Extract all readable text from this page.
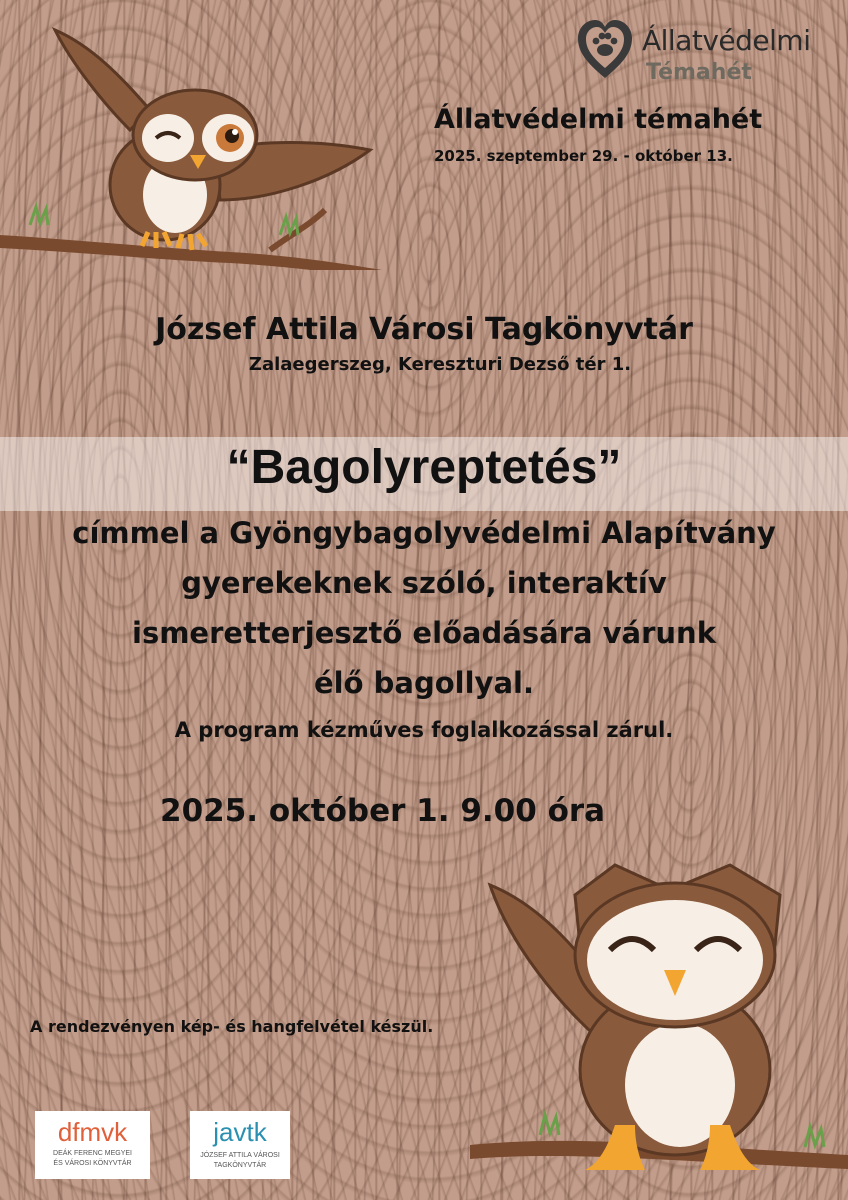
Állatvédelmi
Témahét
Állatvédelmi témahét
2025. szeptember 29. - október 13.
József Attila Városi Tagkönyvtár
Zalaegerszeg, Kereszturi Dezső tér 1.
“Bagolyreptetés”
címmel a Gyöngybagolyvédelmi Alapítvány
gyerekeknek szóló, interaktív
ismeretterjesztő előadására várunk
élő bagollyal.
A program kézműves foglalkozással zárul.
2025. október 1. 9.00 óra
A rendezvényen kép- és hangfelvétel készül.
dfmvk
DEÁK FERENC MEGYEI
ÉS VÁROSI KÖNYVTÁR
javtk
JÓZSEF ATTILA VÁROSI
TAGKÖNYVTÁR
